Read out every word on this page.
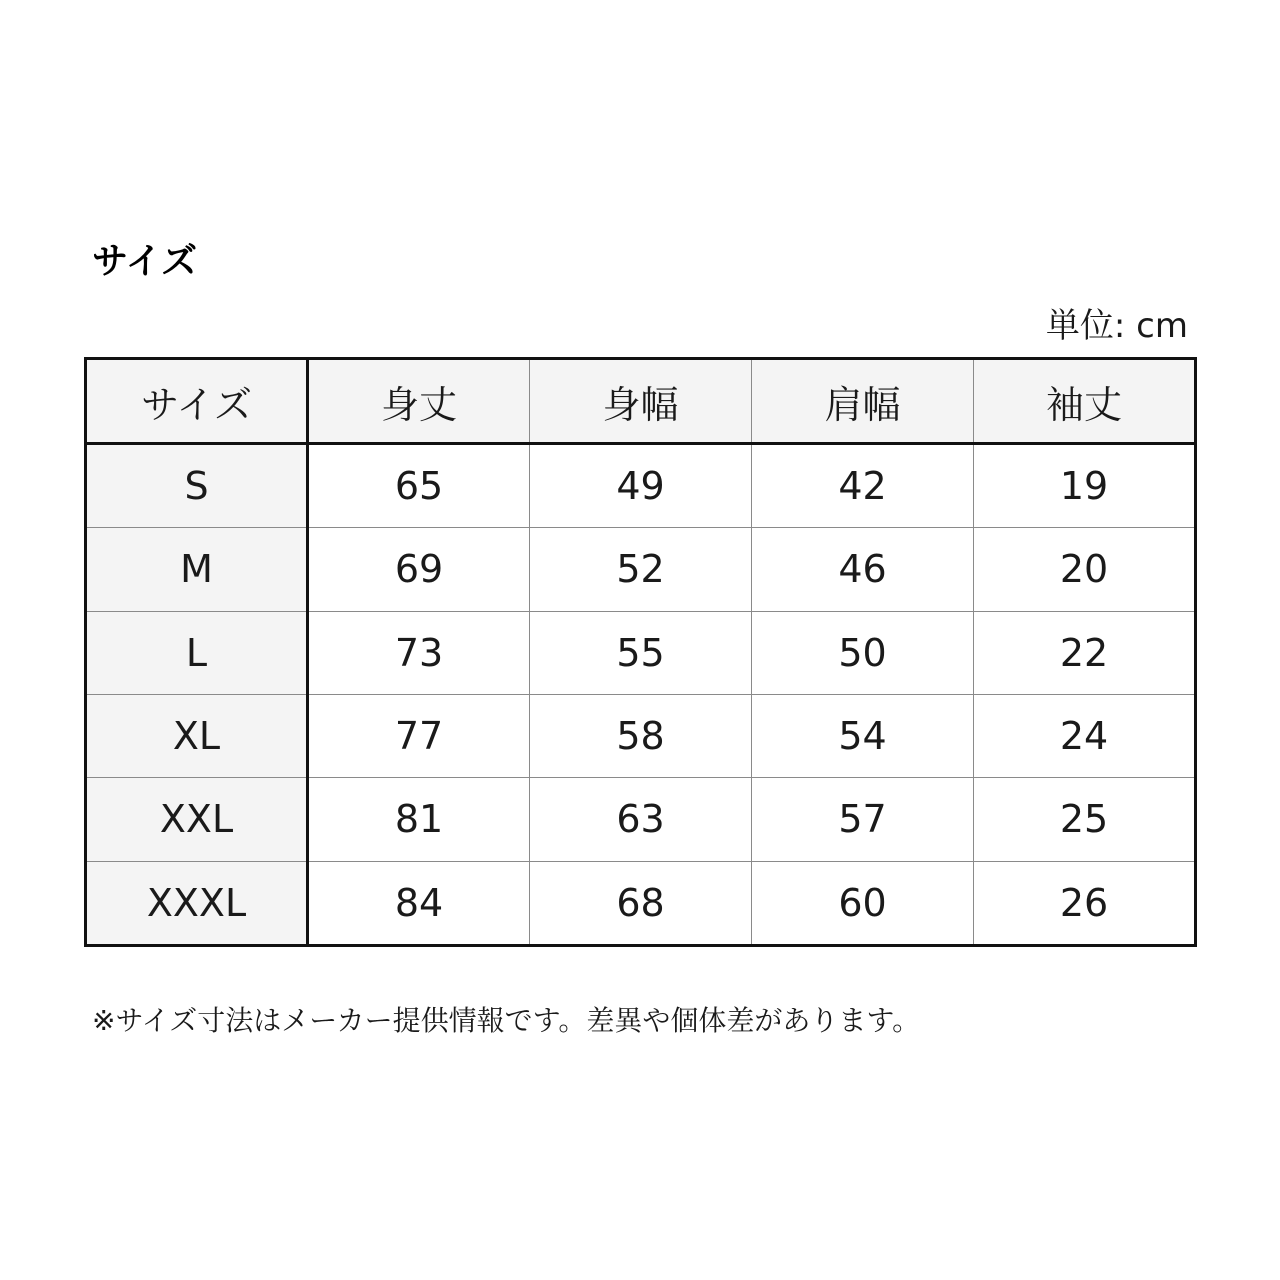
サイズ
単位: cm
サイズ	身丈	身幅	肩幅	袖丈
S	65	49	42	19
M	69	52	46	20
L	73	55	50	22
XL	77	58	54	24
XXL	81	63	57	25
XXXL	84	68	60	26

※サイズ寸法はメーカー提供情報です。差異や個体差があります。
